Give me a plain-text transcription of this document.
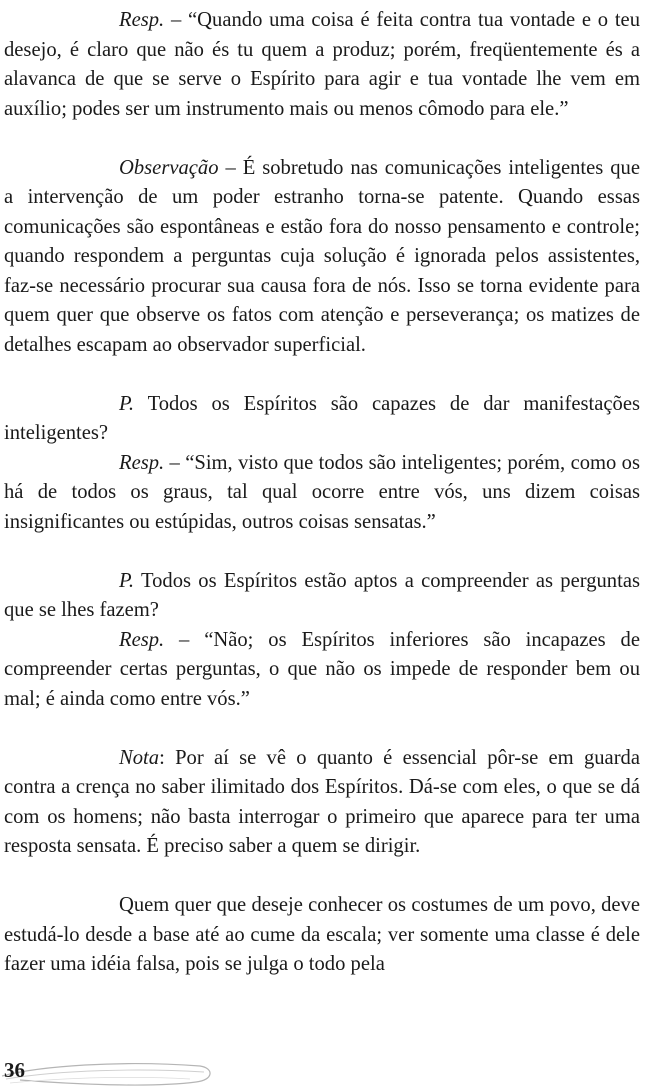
Resp. – “Quando uma coisa é feita contra tua vontade e o teu desejo, é claro que não és tu quem a produz; porém, freqüentemente és a alavanca de que se serve o Espírito para agir e tua vontade lhe vem em auxílio; podes ser um instrumento mais ou menos cômodo para ele.”

Observação – É sobretudo nas comunicações inteligentes que a intervenção de um poder estranho torna-se patente. Quando essas comunicações são espontâneas e estão fora do nosso pensamento e controle; quando respondem a perguntas cuja solução é ignorada pelos assistentes, faz-se necessário procurar sua causa fora de nós. Isso se torna evidente para quem quer que observe os fatos com atenção e perseverança; os matizes de detalhes escapam ao observador superficial.

P. Todos os Espíritos são capazes de dar manifestações inteligentes?

Resp. – “Sim, visto que todos são inteligentes; porém, como os há de todos os graus, tal qual ocorre entre vós, uns dizem coisas insignificantes ou estúpidas, outros coisas sensatas.”

P. Todos os Espíritos estão aptos a compreender as perguntas que se lhes fazem?

Resp. – “Não; os Espíritos inferiores são incapazes de compreender certas perguntas, o que não os impede de responder bem ou mal; é ainda como entre vós.”

Nota: Por aí se vê o quanto é essencial pôr-se em guarda contra a crença no saber ilimitado dos Espíritos. Dá-se com eles, o que se dá com os homens; não basta interrogar o primeiro que aparece para ter uma resposta sensata. É preciso saber a quem se dirigir.

Quem quer que deseje conhecer os costumes de um povo, deve estudá-lo desde a base até ao cume da escala; ver somente uma classe é dele fazer uma idéia falsa, pois se julga o todo pela

36
